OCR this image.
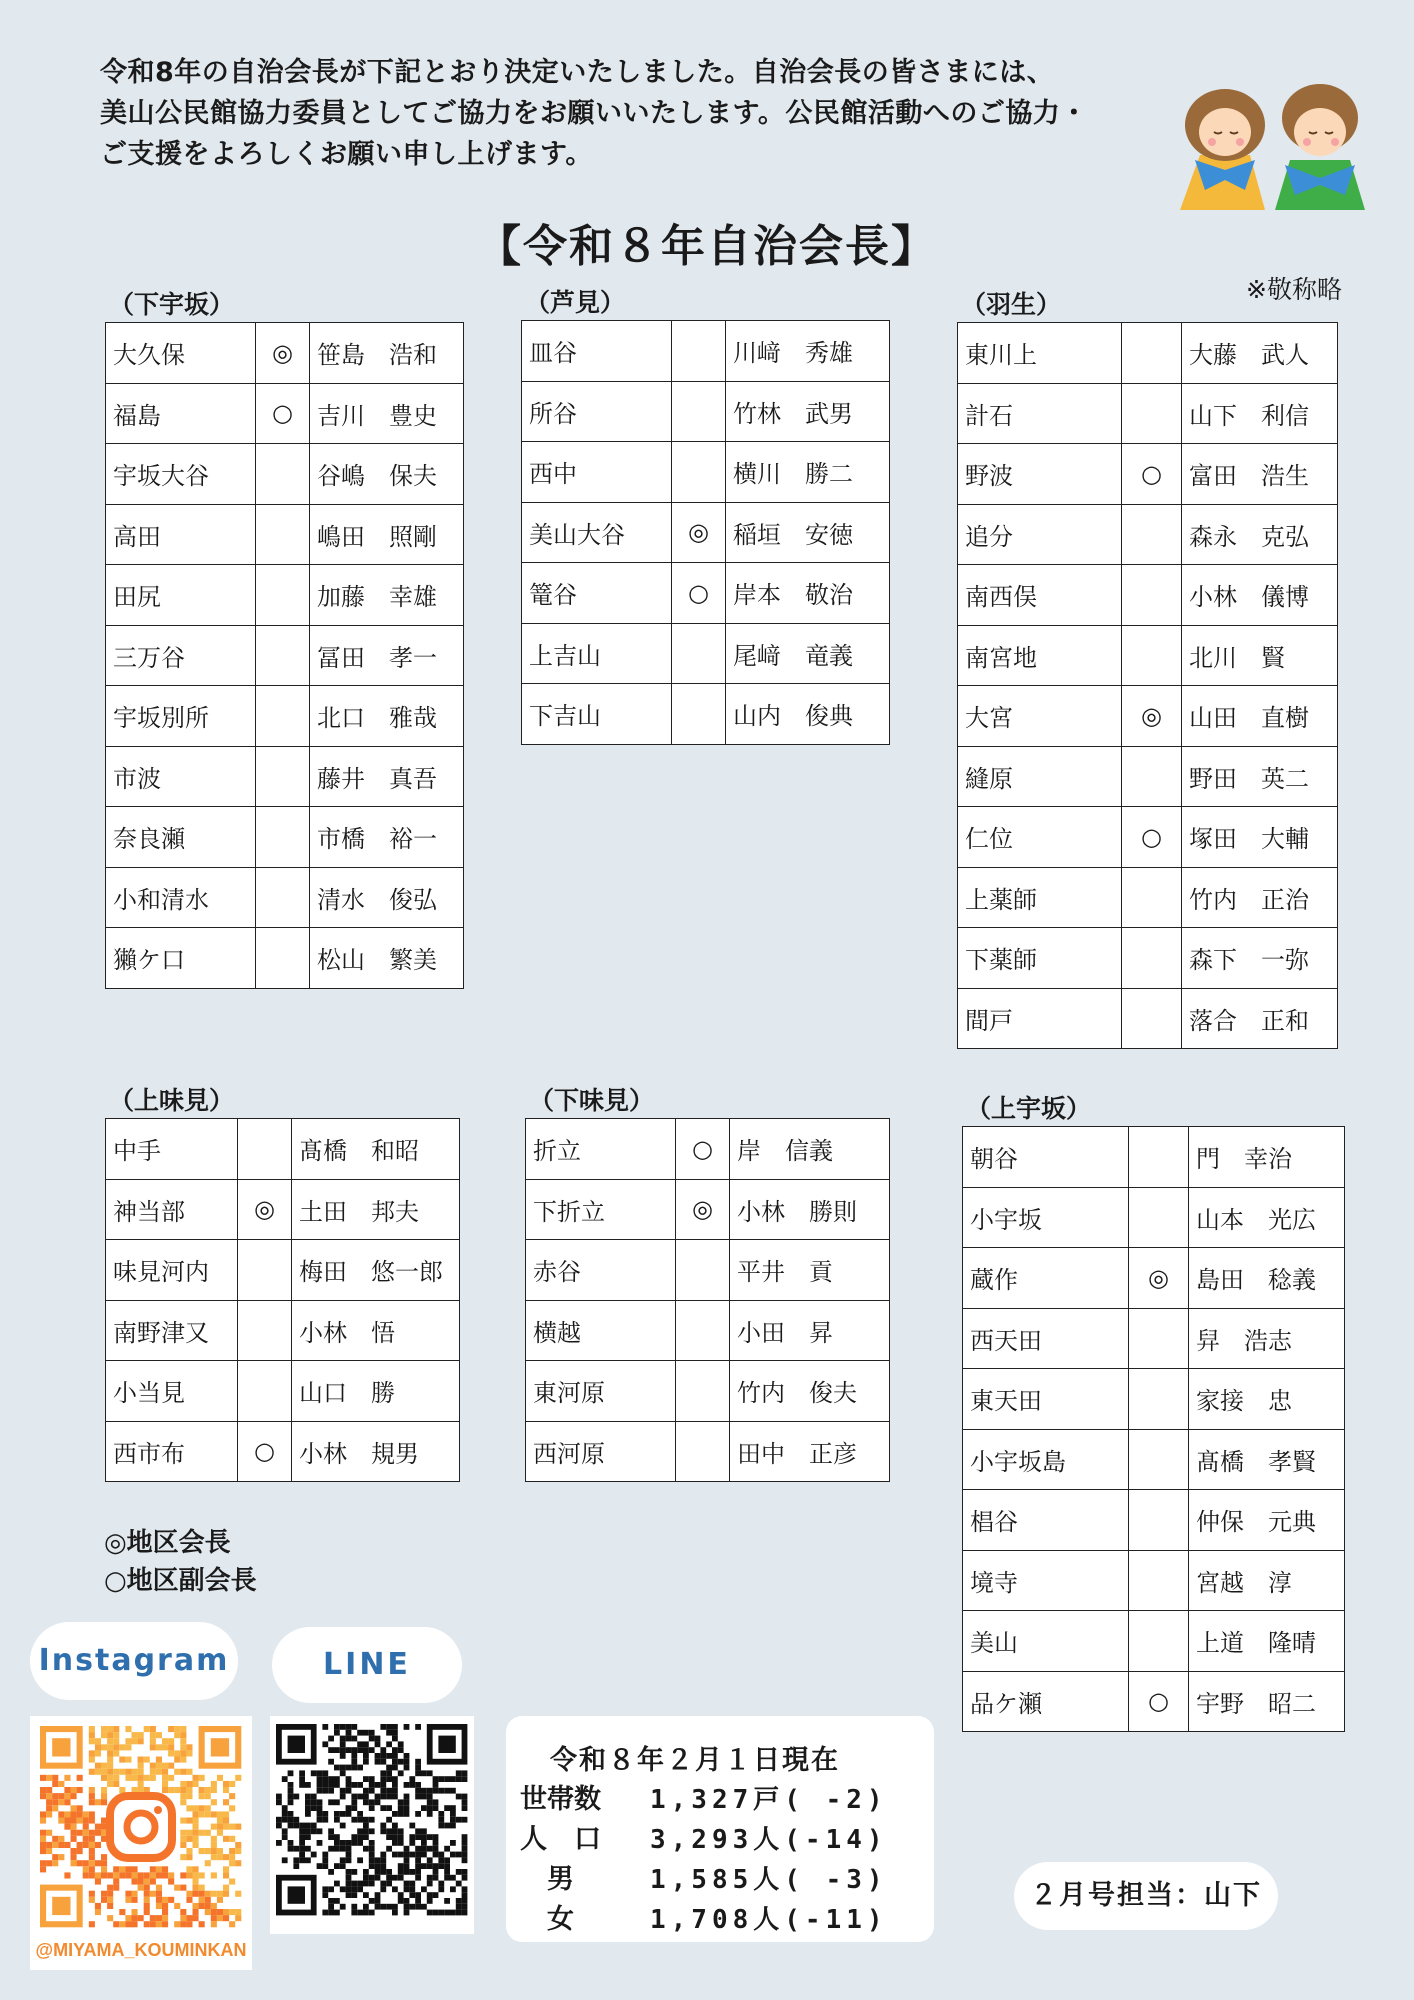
令和8年の自治会長が下記とおり決定いたしました。自治会長の皆さまには、
美山公民館協力委員としてご協力をお願いいたします。公民館活動へのご協力・
ご支援をよろしくお願い申し上げます。
【令和８年自治会長】
※敬称略
（下宇坂）
大久保	◎	笹島　浩和
福島	○	吉川　豊史
宇坂大谷		谷嶋　保夫
高田		嶋田　照剛
田尻		加藤　幸雄
三万谷		冨田　孝一
宇坂別所		北口　雅哉
市波		藤井　真吾
奈良瀬		市橋　裕一
小和清水		清水　俊弘
獺ケ口		松山　繁美
（芦見）
皿谷		川﨑　秀雄
所谷		竹林　武男
西中		横川　勝二
美山大谷	◎	稲垣　安徳
篭谷	○	岸本　敬治
上吉山		尾﨑　竜義
下吉山		山内　俊典
（羽生）
東川上		大藤　武人
計石		山下　利信
野波	○	富田　浩生
追分		森永　克弘
南西俣		小林　儀博
南宮地		北川　賢
大宮	◎	山田　直樹
縫原		野田　英二
仁位	○	塚田　大輔
上薬師		竹内　正治
下薬師		森下　一弥
間戸		落合　正和
（上味見）
中手		髙橋　和昭
神当部	◎	土田　邦夫
味見河内		梅田　悠一郎
南野津又		小林　悟
小当見		山口　勝
西市布	○	小林　規男
（下味見）
折立	○	岸　信義
下折立	◎	小林　勝則
赤谷		平井　貢
横越		小田　昇
東河原		竹内　俊夫
西河原		田中　正彦
（上宇坂）
朝谷		門　幸治
小宇坂		山本　光広
蔵作	◎	島田　稔義
西天田		舁　浩志
東天田		家接　忠
小宇坂島		髙橋　孝賢
椙谷		仲保　元典
境寺		宮越　淳
美山		上道　隆晴
品ケ瀬	○	宇野　昭二
◎地区会長
○地区副会長
Instagram	LINE
@MIYAMA_KOUMINKAN
令和８年２月１日現在
世帯数	1,327戸( -2)
人　口	3,293人(-14)
　男	1,585人( -3)
　女	1,708人(-11)
２月号担当：山下
